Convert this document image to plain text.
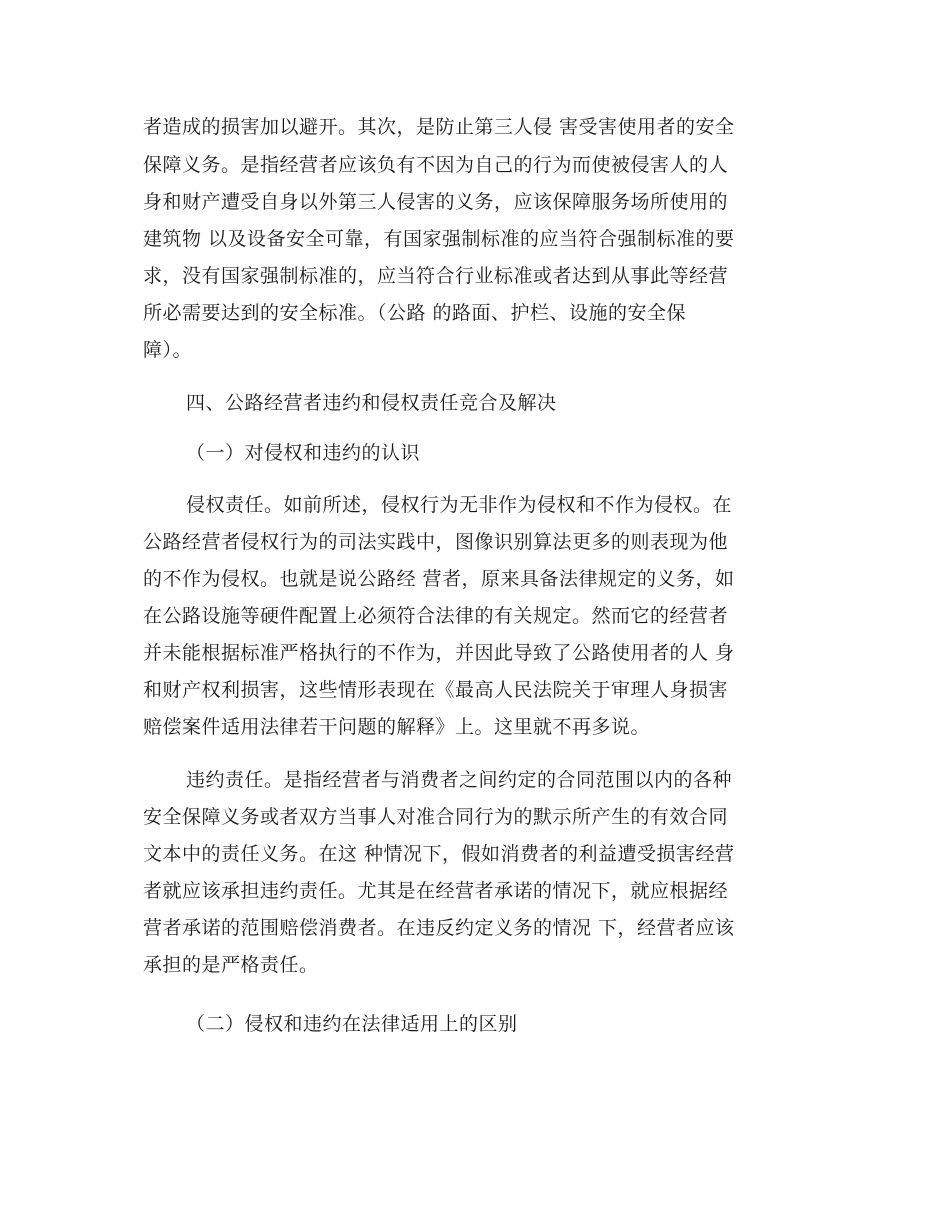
者造成的损害加以避开。其次，是防止第三人侵 害受害使用者的安全
保障义务。是指经营者应该负有不因为自己的行为而使被侵害人的人
身和财产遭受自身以外第三人侵害的义务，应该保障服务场所使用的
建筑物 以及设备安全可靠，有国家强制标准的应当符合强制标准的要
求，没有国家强制标准的，应当符合行业标准或者达到从事此等经营
所必需要达到的安全标准。（公路 的路面、护栏、设施的安全保
障）。
四、公路经营者违约和侵权责任竞合及解决
（一）对侵权和违约的认识
侵权责任。如前所述，侵权行为无非作为侵权和不作为侵权。在
公路经营者侵权行为的司法实践中，图像识别算法更多的则表现为他
的不作为侵权。也就是说公路经 营者，原来具备法律规定的义务，如
在公路设施等硬件配置上必须符合法律的有关规定。然而它的经营者
并未能根据标准严格执行的不作为，并因此导致了公路使用者的人 身
和财产权利损害，这些情形表现在《最高人民法院关于审理人身损害
赔偿案件适用法律若干问题的解释》上。这里就不再多说。
违约责任。是指经营者与消费者之间约定的合同范围以内的各种
安全保障义务或者双方当事人对准合同行为的默示所产生的有效合同
文本中的责任义务。在这 种情况下，假如消费者的利益遭受损害经营
者就应该承担违约责任。尤其是在经营者承诺的情况下，就应根据经
营者承诺的范围赔偿消费者。在违反约定义务的情况 下，经营者应该
承担的是严格责任。
（二）侵权和违约在法律适用上的区别
